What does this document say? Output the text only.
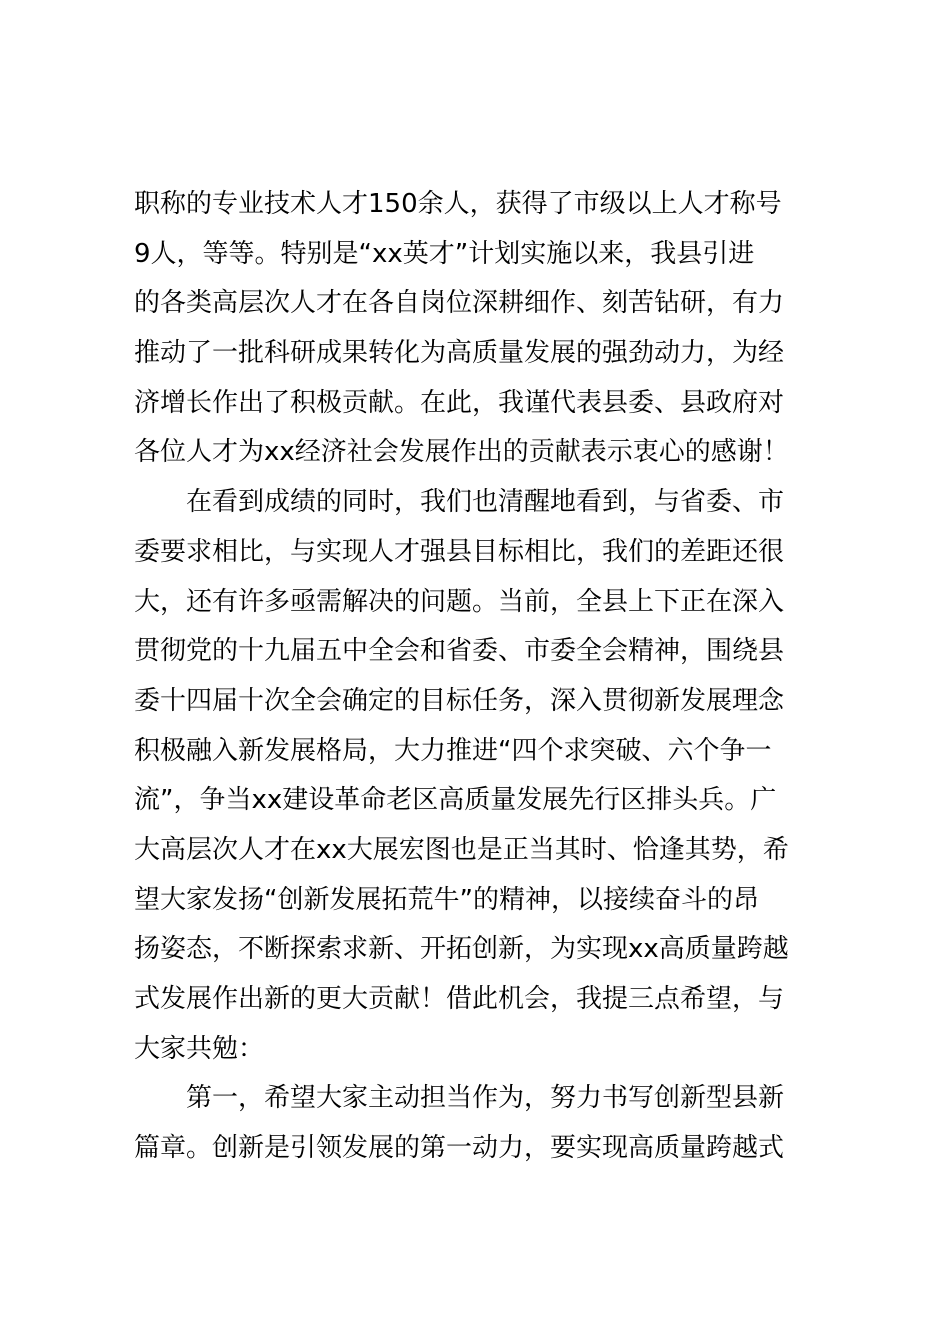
职称的专业技术人才150余人，获得了市级以上人才称号
9人，等等。特别是“xx英才”计划实施以来，我县引进
的各类高层次人才在各自岗位深耕细作、刻苦钻研，有力
推动了一批科研成果转化为高质量发展的强劲动力，为经
济增长作出了积极贡献。在此，我谨代表县委、县政府对
各位人才为xx经济社会发展作出的贡献表示衷心的感谢！
　　在看到成绩的同时，我们也清醒地看到，与省委、市
委要求相比，与实现人才强县目标相比，我们的差距还很
大，还有许多亟需解决的问题。当前，全县上下正在深入
贯彻党的十九届五中全会和省委、市委全会精神，围绕县
委十四届十次全会确定的目标任务，深入贯彻新发展理念
积极融入新发展格局，大力推进“四个求突破、六个争一
流”，争当xx建设革命老区高质量发展先行区排头兵。广
大高层次人才在xx大展宏图也是正当其时、恰逢其势，希
望大家发扬“创新发展拓荒牛”的精神，以接续奋斗的昂
扬姿态，不断探索求新、开拓创新，为实现xx高质量跨越
式发展作出新的更大贡献！借此机会，我提三点希望，与
大家共勉：
　　第一，希望大家主动担当作为，努力书写创新型县新
篇章。创新是引领发展的第一动力，要实现高质量跨越式
